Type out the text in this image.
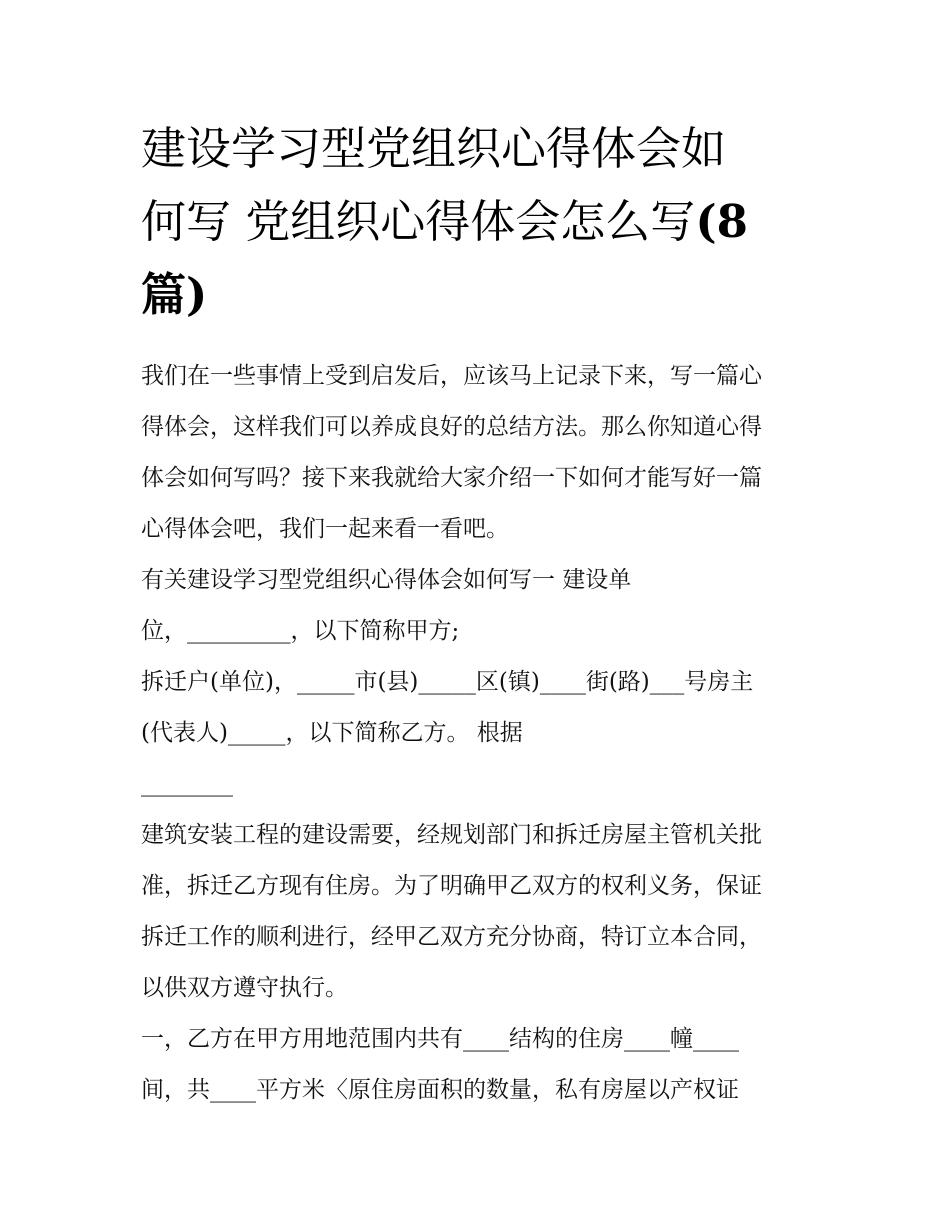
建设学习型党组织心得体会如
何写 党组织心得体会怎么写(8
篇)

我们在一些事情上受到启发后，应该马上记录下来，写一篇心
得体会，这样我们可以养成良好的总结方法。那么你知道心得
体会如何写吗？接下来我就给大家介绍一下如何才能写好一篇
心得体会吧，我们一起来看一看吧。

有关建设学习型党组织心得体会如何写一 建设单

位，_________，以下简称甲方;

拆迁户(单位)，_____市(县)_____区(镇)____街(路)___号房主
(代表人)_____，以下简称乙方。 根据
________

建筑安装工程的建设需要，经规划部门和拆迁房屋主管机关批
准，拆迁乙方现有住房。为了明确甲乙双方的权利义务，保证
拆迁工作的顺利进行，经甲乙双方充分协商，特订立本合同，
以供双方遵守执行。

一，乙方在甲方用地范围内共有____结构的住房____幢____
间，共____平方米〈原住房面积的数量，私有房屋以产权证
